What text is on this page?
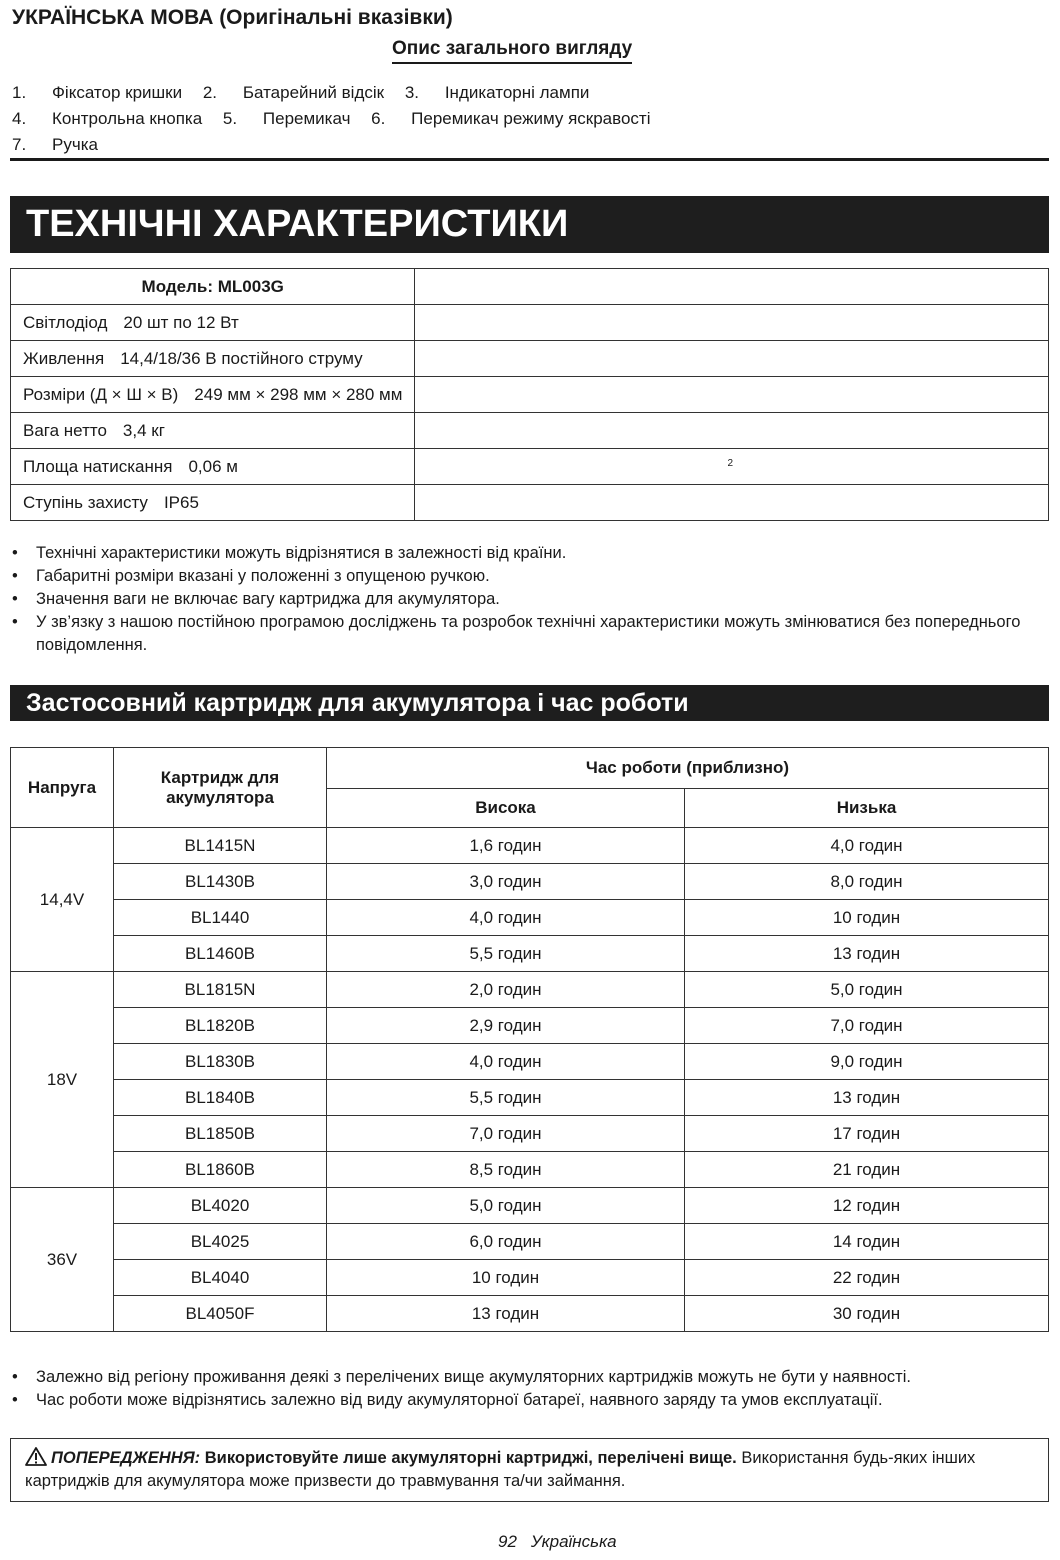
УКРАЇНСЬКА МОВА (Оригінальні вказівки)
Опис загального вигляду
1. Фіксатор кришки 2. Батарейний відсік 3. Індикаторні лампи
4. Контрольна кнопка 5. Перемикач 6. Перемикач режиму яскравості
7. Ручка
ТЕХНІЧНІ ХАРАКТЕРИСТИКИ
Модель: ML003G	
Світлодіод 20 шт по 12 Вт	
Живлення 14,4/18/36 В постійного струму	
Розміри (Д × Ш × В) 249 мм × 298 мм × 280 мм	
Вага нетто 3,4 кг	
Площа натискання 0,06 м	$^2$
Ступінь захисту IP65	
• Технічні характеристики можуть відрізнятися в залежності від країни.
• Габаритні розміри вказані у положенні з опущеною ручкою.
• Значення ваги не включає вагу картриджа для акумулятора.
• У зв’язку з нашою постійною програмою досліджень та розробок технічні характеристики можуть змінюватися без попереднього повідомлення.
Застосовний картридж для акумулятора і час роботи
Напруга	Картридж для акумулятора	Час роботи (приблизно)	
		Висока	Низька
14,4V	BL1415N	1,6 годин	4,0 годин
	BL1430B	3,0 годин	8,0 годин
	BL1440	4,0 годин	10 годин
	BL1460B	5,5 годин	13 годин
18V	BL1815N	2,0 годин	5,0 годин
	BL1820B	2,9 годин	7,0 годин
	BL1830B	4,0 годин	9,0 годин
	BL1840B	5,5 годин	13 годин
	BL1850B	7,0 годин	17 годин
	BL1860B	8,5 годин	21 годин
36V	BL4020	5,0 годин	12 годин
	BL4025	6,0 годин	14 годин
	BL4040	10 годин	22 годин
	BL4050F	13 годин	30 годин
• Залежно від регіону проживання деякі з перелічених вище акумуляторних картриджів можуть не бути у наявності.
• Час роботи може відрізнятись залежно від виду акумуляторної батареї, наявного заряду та умов експлуатації.
ПОПЕРЕДЖЕННЯ: Використовуйте лише акумуляторні картриджі, перелічені вище. Використання будь-яких інших картриджів для акумулятора може призвести до травмування та/чи займання.
92 Українська
